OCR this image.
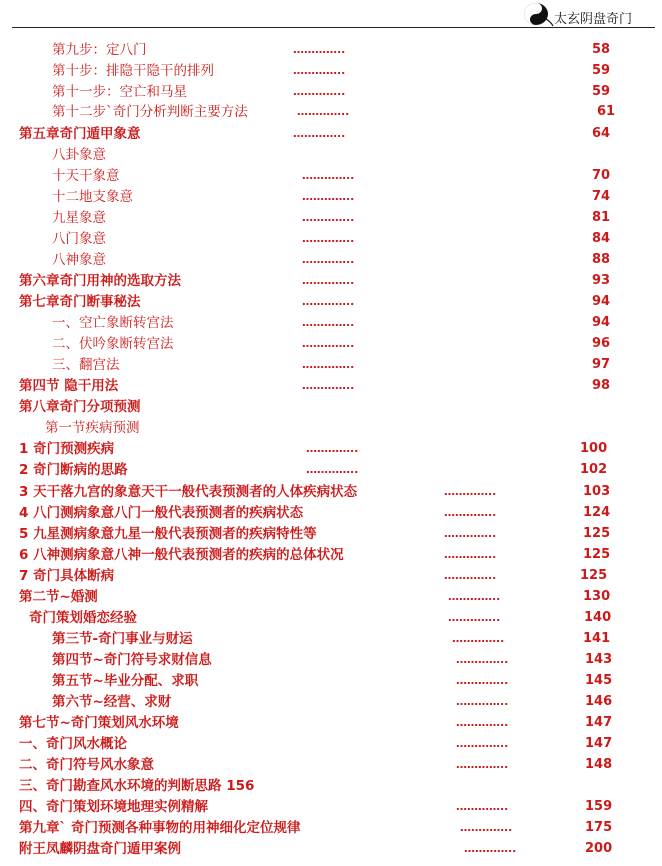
太玄阴盘奇门
第九步：定八门	…………..	58
第十步：排隐干隐干的排列	…………..	59
第十一步：空亡和马星	…………..	59
第十二步`奇门分析判断主要方法	…………..	61
第五章奇门遁甲象意	…………..	64
八卦象意
十天干象意	…………..	70
十二地支象意	…………..	74
九星象意	…………..	81
八门象意	…………..	84
八神象意	…………..	88
第六章奇门用神的选取方法	…………..	93
第七章奇门断事秘法	…………..	94
一、空亡象断转宫法	…………..	94
二、伏吟象断转宫法	…………..	96
三、翻宫法	…………..	97
第四节 隐干用法	…………..	98
第八章奇门分项预测
第一节疾病预测
1 奇门预测疾病	…………..	100
2 奇门断病的思路	…………..	102
3 天干落九宫的象意天干一般代表预测者的人体疾病状态	…………..	103
4 八门测病象意八门一般代表预测者的疾病状态	…………..	124
5 九星测病象意九星一般代表预测者的疾病特性等	…………..	125
6 八神测病象意八神一般代表预测者的疾病的总体状况	…………..	125
7 奇门具体断病	…………..	125
第二节~婚测	…………..	130
奇门策划婚恋经验	…………..	140
第三节-奇门事业与财运	…………..	141
第四节~奇门符号求财信息	…………..	143
第五节~毕业分配、求职	…………..	145
第六节~经营、求财	…………..	146
第七节~奇门策划风水环境	…………..	147
一、奇门风水概论	…………..	147
二、奇门符号风水象意	…………..	148
三、奇门勘查风水环境的判断思路 156
四、奇门策划环境地理实例精解	…………..	159
第九章` 奇门预测各种事物的用神细化定位规律	…………..	175
附王凤麟阴盘奇门遁甲案例	…………..	200
